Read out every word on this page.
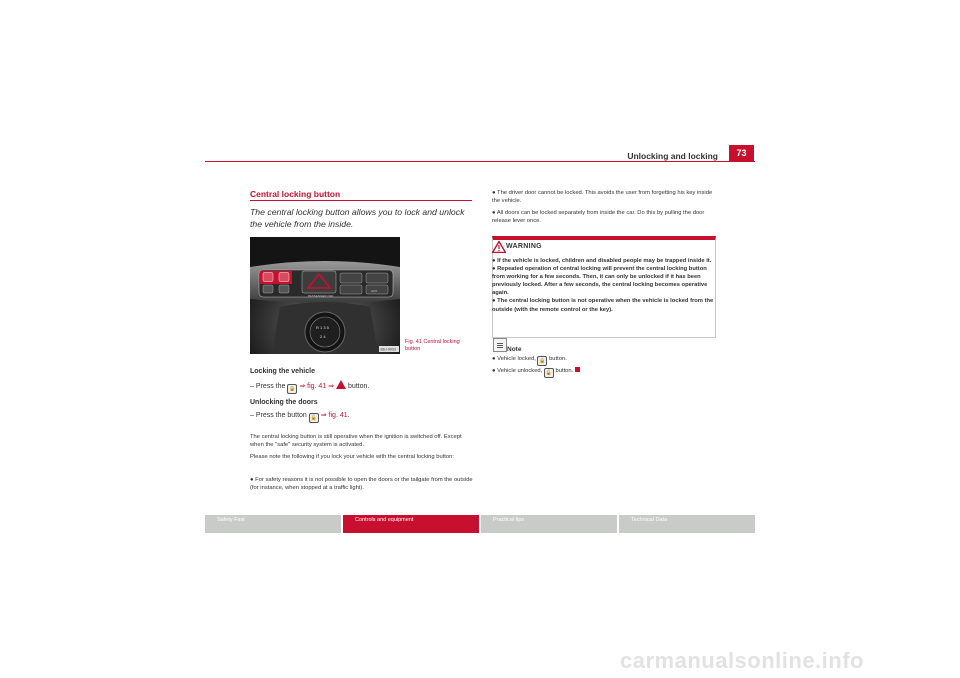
Unlocking and locking	73
Central locking button
The central locking button allows you to lock and unlock the vehicle from the inside.
PASSENGER OFF
AUX
R 1 3 5
2 4
B6J-0033
Fig. 41 Central locking button
Locking the vehicle
– Press the 🔒 ⇒ fig. 41 ⇒ button.
Unlocking the doors
– Press the button 🔓 ⇒ fig. 41.
The central locking button is still operative when the ignition is switched off. Except when the "safe" security system is activated.
Please note the following if you lock your vehicle with the central locking button:
● For safety reasons it is not possible to open the doors or the tailgate from the outside (for instance, when stopped at a traffic light).
● The driver door cannot be locked. This avoids the user from forgetting his key inside the vehicle.
● All doors can be locked separately from inside the car. Do this by pulling the door release lever once.
WARNING
● If the vehicle is locked, children and disabled people may be trapped inside it.
● Repeated operation of central locking will prevent the central locking button from working for a few seconds. Then, it can only be unlocked if it has been previously locked. After a few seconds, the central locking becomes operative again.
● The central locking button is not operative when the vehicle is locked from the outside (with the remote control or the key).
Note
● Vehicle locked, 🔒 button.
● Vehicle unlocked, 🔓 button.
Safety First	Controls and equipment	Practical tips	Technical Data
carmanualsonline.info
